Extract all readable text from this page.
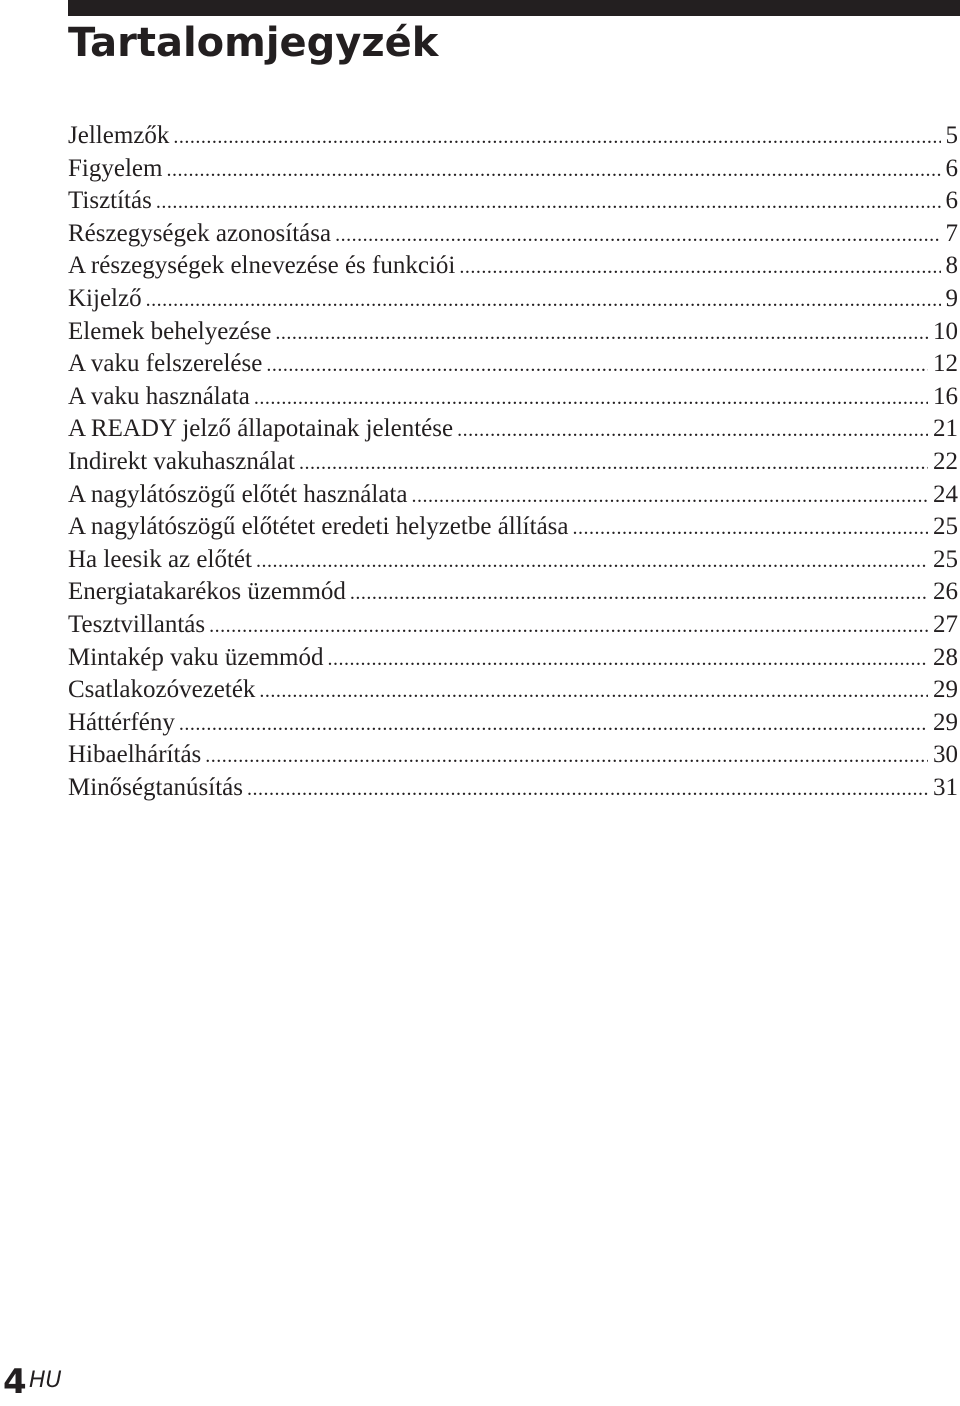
Tartalomjegyzék
Jellemzők .....	5
Figyelem .....	6
Tisztítás .....	6
Részegységek azonosítása .....	7
A részegységek elnevezése és funkciói .....	8
Kijelző .....	9
Elemek behelyezése .....	10
A vaku felszerelése .....	12
A vaku használata .....	16
A READY jelző állapotainak jelentése .....	21
Indirekt vakuhasználat .....	22
A nagylátószögű előtét használata .....	24
A nagylátószögű előtétet eredeti helyzetbe állítása .....	25
Ha leesik az előtét .....	25
Energiatakarékos üzemmód .....	26
Tesztvillantás .....	27
Mintakép vaku üzemmód .....	28
Csatlakozóvezeték .....	29
Háttérfény .....	29
Hibaelhárítás .....	30
Minőségtanúsítás .....	31
4 HU
